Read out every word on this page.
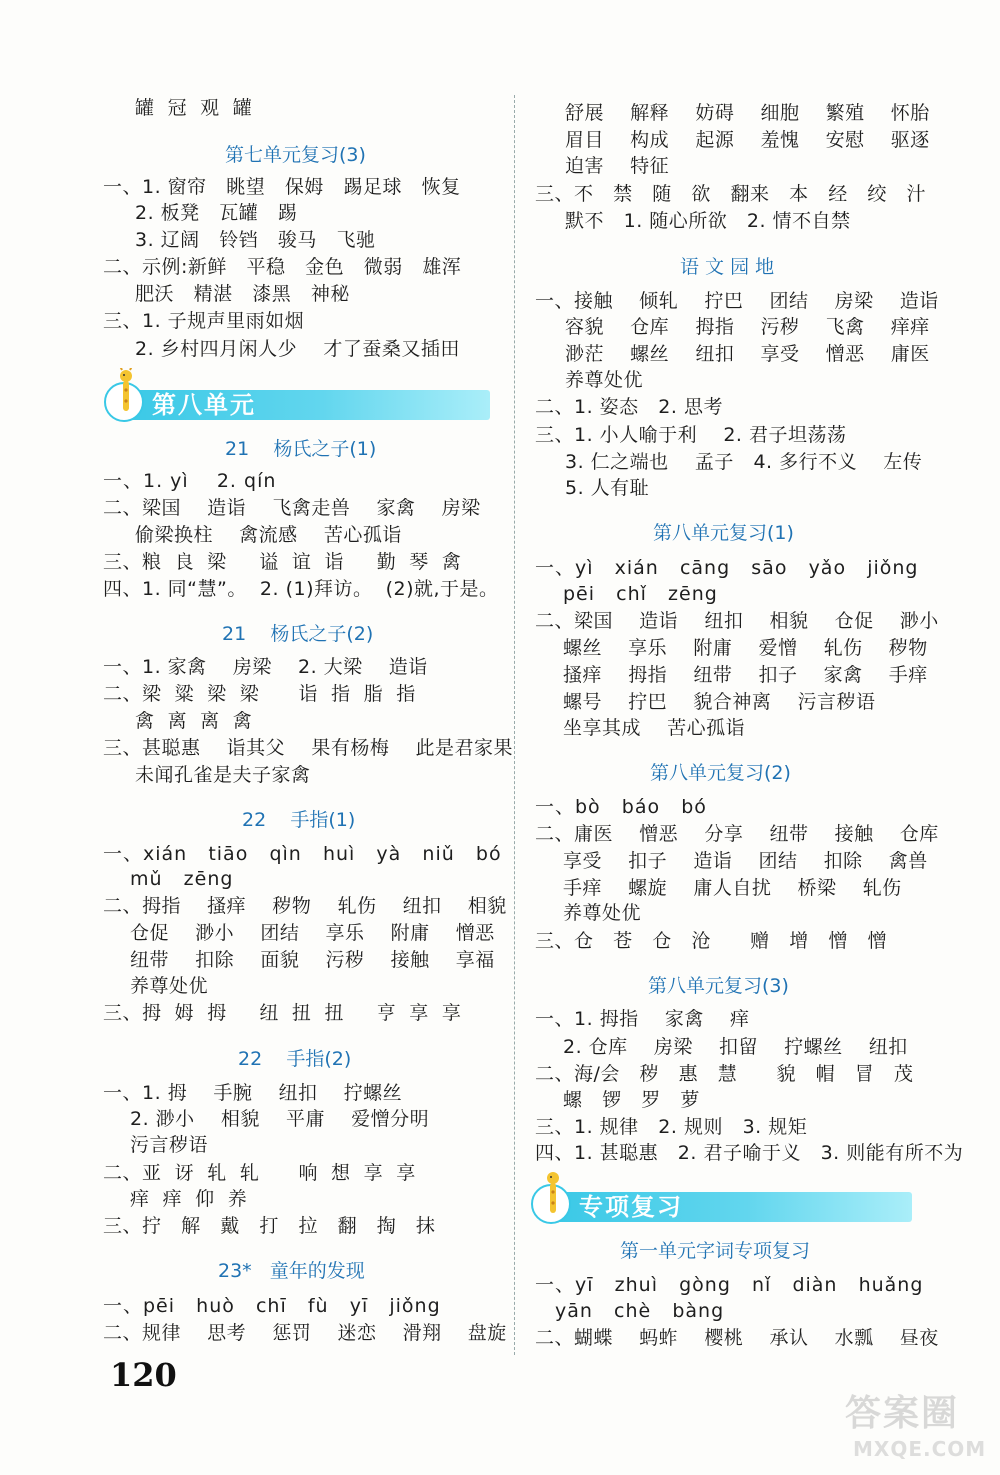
罐  冠  观  罐
第七单元复习(3)
一、1. 窗帘   眺望   保姆   踢足球   恢复
2. 板凳   瓦罐   踢
3. 辽阔   铃铛   骏马   飞驰
二、示例:新鲜   平稳   金色   微弱   雄浑
肥沃   精湛   漆黑   神秘
三、1. 子规声里雨如烟
2. 乡村四月闲人少    才了蚕桑又插田
第八单元
21    杨氏之子(1)
一、1. yì    2. qín
二、梁国    造诣    飞禽走兽    家禽    房梁
偷梁换柱    禽流感    苦心孤诣
三、粮  良  梁     谥  谊  诣     勤  琴  禽
四、1. 同“慧”。  2. (1)拜访。  (2)就,于是。
21    杨氏之子(2)
一、1. 家禽    房梁    2. 大梁    造诣
二、梁  粱  梁  梁      诣  指  脂  指
禽  离  离  禽
三、甚聪惠    诣其父    果有杨梅    此是君家果
未闻孔雀是夫子家禽
22    手指(1)
一、xián   tiāo   qìn   huì   yà   niǔ   bó
mǔ   zēng
二、拇指    搔痒    秽物    轧伤    纽扣    相貌
仓促    渺小    团结    享乐    附庸    憎恶
纽带    扣除    面貌    污秽    接触    享福
养尊处优
三、拇  姆  拇     纽  扭  扭     亨  享  享
22    手指(2)
一、1. 拇    手腕    纽扣    拧螺丝
2. 渺小    相貌    平庸    爱憎分明
污言秽语
二、亚  讶  轧  轧      响  想  享  享
痒  痒  仰  养
三、拧   解   戴   打   拉   翻   掏   抹
23*   童年的发现
一、pēi   huò   chī   fù   yī   jiǒng
二、规律    思考    惩罚    迷恋    滑翔    盘旋
舒展    解释    妨碍    细胞    繁殖    怀胎
眉目    构成    起源    羞愧    安慰    驱逐
迫害    特征
三、不   禁   随   欲   翻来   本   经   绞   汁
默不   1. 随心所欲   2. 情不自禁
语 文 园 地
一、接触    倾轧    拧巴    团结    房梁    造诣
容貌    仓库    拇指    污秽    飞禽    痒痒
渺茫    螺丝    纽扣    享受    憎恶    庸医
养尊处优
二、1. 姿态   2. 思考
三、1. 小人喻于利    2. 君子坦荡荡
3. 仁之端也    孟子   4. 多行不义    左传
5. 人有耻
第八单元复习(1)
一、yì   xián   cāng   sāo   yǎo   jiǒng
pēi   chǐ   zēng
二、梁国    造诣    纽扣    相貌    仓促    渺小
螺丝    享乐    附庸    爱憎    轧伤    秽物
搔痒    拇指    纽带    扣子    家禽    手痒
螺号    拧巴    貌合神离    污言秽语
坐享其成    苦心孤诣
第八单元复习(2)
一、bò   báo   bó
二、庸医    憎恶    分享    纽带    接触    仓库
享受    扣子    造诣    团结    扣除    禽兽
手痒    螺旋    庸人自扰    桥梁    轧伤
养尊处优
三、仓   苍   仓   沧      赠   增   憎   憎
第八单元复习(3)
一、1. 拇指    家禽    痒
2. 仓库    房梁    扣留    拧螺丝    纽扣
二、海/会   秽   惠   慧      貌   帽   冒   茂
螺   锣   罗   萝
三、1. 规律   2. 规则   3. 规矩
四、1. 甚聪惠   2. 君子喻于义   3. 则能有所不为
专项复习
第一单元字词专项复习
一、yī   zhuì   gòng   nǐ   diàn   huǎng
yān   chè   bàng
二、蝴蝶    蚂蚱    樱桃    承认    水瓢    昼夜
120
答案圈
MXQE.COM
